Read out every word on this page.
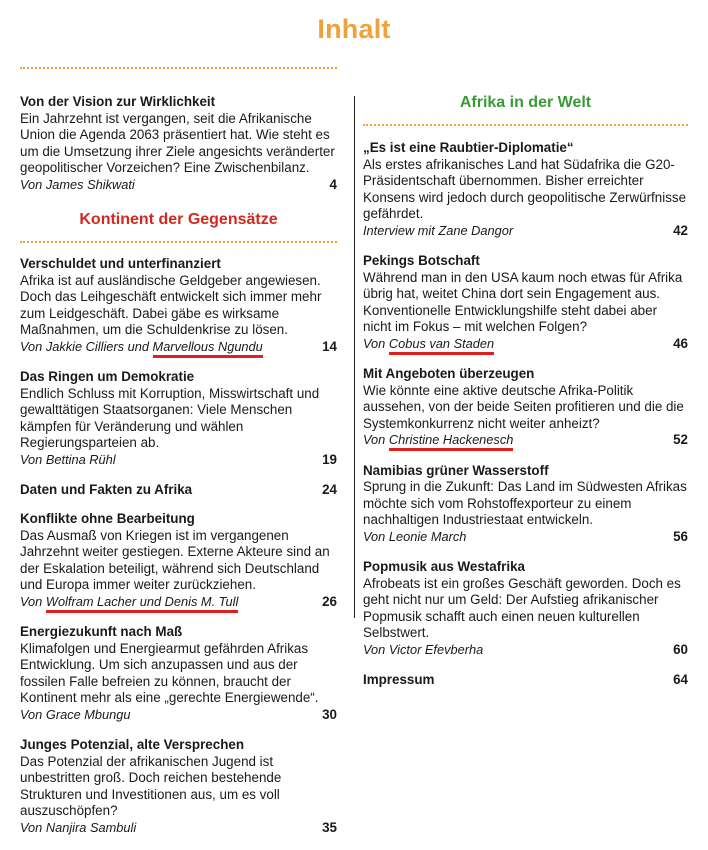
Inhalt
Von der Vision zur Wirklichkeit
Ein Jahrzehnt ist vergangen, seit die Afrikanische Union die Agenda 2063 präsentiert hat. Wie steht es um die Umsetzung ihrer Ziele angesichts veränderter geopolitischer Vorzeichen? Eine Zwischenbilanz.
Von James Shikwati	4
Kontinent der Gegensätze
Verschuldet und unterfinanziert
Afrika ist auf ausländische Geldgeber angewiesen. Doch das Leihgeschäft entwickelt sich immer mehr zum Leidgeschäft. Dabei gäbe es wirksame Maßnahmen, um die Schuldenkrise zu lösen.
Von Jakkie Cilliers und Marvellous Ngundu	14
Das Ringen um Demokratie
Endlich Schluss mit Korruption, Misswirtschaft und gewalttätigen Staatsorganen: Viele Menschen kämpfen für Veränderung und wählen Regierungsparteien ab.
Von Bettina Rühl	19
Daten und Fakten zu Afrika	24
Konflikte ohne Bearbeitung
Das Ausmaß von Kriegen ist im vergangenen Jahrzehnt weiter gestiegen. Externe Akteure sind an der Eskalation beteiligt, während sich Deutschland und Europa immer weiter zurückziehen.
Von Wolfram Lacher und Denis M. Tull	26
Energiezukunft nach Maß
Klimafolgen und Energiearmut gefährden Afrikas Entwicklung. Um sich anzupassen und aus der fossilen Falle befreien zu können, braucht der Kontinent mehr als eine „gerechte Energiewende“.
Von Grace Mbungu	30
Junges Potenzial, alte Versprechen
Das Potenzial der afrikanischen Jugend ist unbestritten groß. Doch reichen bestehende Strukturen und Investitionen aus, um es voll auszuschöpfen?
Von Nanjira Sambuli	35
Afrika in der Welt
„Es ist eine Raubtier-Diplomatie“
Als erstes afrikanisches Land hat Südafrika die G20-Präsidentschaft übernommen. Bisher erreichter Konsens wird jedoch durch geopolitische Zerwürfnisse gefährdet.
Interview mit Zane Dangor	42
Pekings Botschaft
Während man in den USA kaum noch etwas für Afrika übrig hat, weitet China dort sein Engagement aus. Konventionelle Entwicklungshilfe steht dabei aber nicht im Fokus – mit welchen Folgen?
Von Cobus van Staden	46
Mit Angeboten überzeugen
Wie könnte eine aktive deutsche Afrika-Politik aussehen, von der beide Seiten profitieren und die die Systemkonkurrenz nicht weiter anheizt?
Von Christine Hackenesch	52
Namibias grüner Wasserstoff
Sprung in die Zukunft: Das Land im Südwesten Afrikas möchte sich vom Rohstoffexporteur zu einem nachhaltigen Industriestaat entwickeln.
Von Leonie March	56
Popmusik aus Westafrika
Afrobeats ist ein großes Geschäft geworden. Doch es geht nicht nur um Geld: Der Aufstieg afrikanischer Popmusik schafft auch einen neuen kulturellen Selbstwert.
Von Victor Efevberha	60
Impressum	64
